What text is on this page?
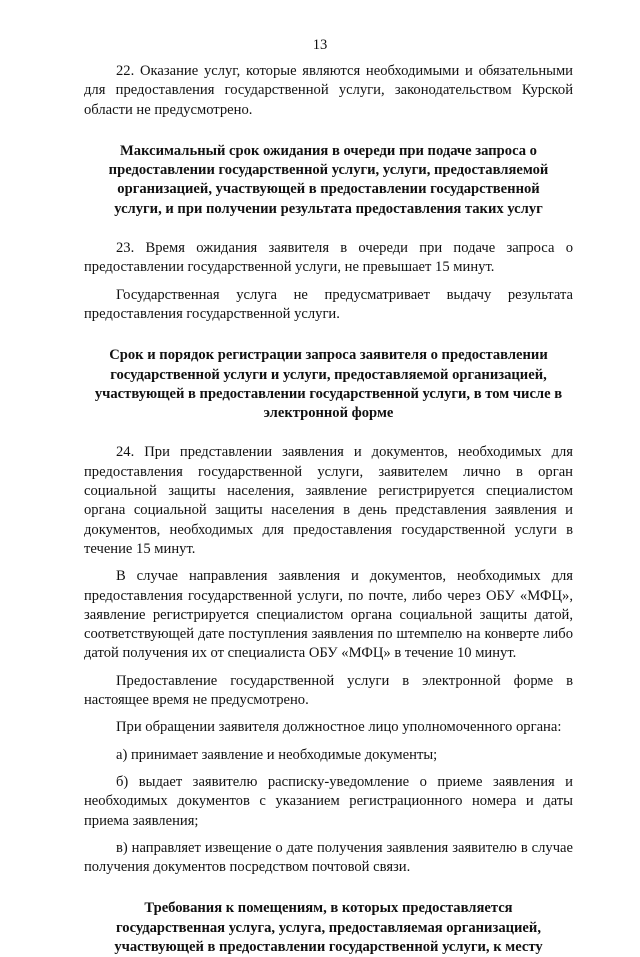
13

22. Оказание услуг, которые являются необходимыми и обязательными для предоставления государственной услуги, законодательством Курской области не предусмотрено.

Максимальный срок ожидания в очереди при подаче запроса о предоставлении государственной услуги, услуги, предоставляемой организацией, участвующей в предоставлении государственной услуги, и при получении результата предоставления таких услуг

23. Время ожидания заявителя в очереди при подаче запроса о предоставлении государственной услуги, не превышает 15 минут.

Государственная услуга не предусматривает выдачу результата предоставления государственной услуги.

Срок и порядок регистрации запроса заявителя о предоставлении государственной услуги и услуги, предоставляемой организацией, участвующей в предоставлении государственной услуги, в том числе в электронной форме

24. При представлении заявления и документов, необходимых для предоставления государственной услуги, заявителем лично в орган социальной защиты населения, заявление регистрируется специалистом органа социальной защиты населения в день представления заявления и документов, необходимых для предоставления государственной услуги в течение 15 минут.

В случае направления заявления и документов, необходимых для предоставления государственной услуги, по почте, либо через ОБУ «МФЦ», заявление регистрируется специалистом органа социальной защиты датой, соответствующей дате поступления заявления по штемпелю на конверте либо датой получения их от специалиста ОБУ «МФЦ» в течение 10 минут.

Предоставление государственной услуги в электронной форме в настоящее время не предусмотрено.

При обращении заявителя должностное лицо уполномоченного органа:

а) принимает заявление и необходимые документы;

б) выдает заявителю расписку-уведомление о приеме заявления и необходимых документов с указанием регистрационного номера и даты приема заявления;

в) направляет извещение о дате получения заявления заявителю в случае получения документов посредством почтовой связи.

Требования к помещениям, в которых предоставляется государственная услуга, услуга, предоставляемая организацией, участвующей в предоставлении государственной услуги, к месту
